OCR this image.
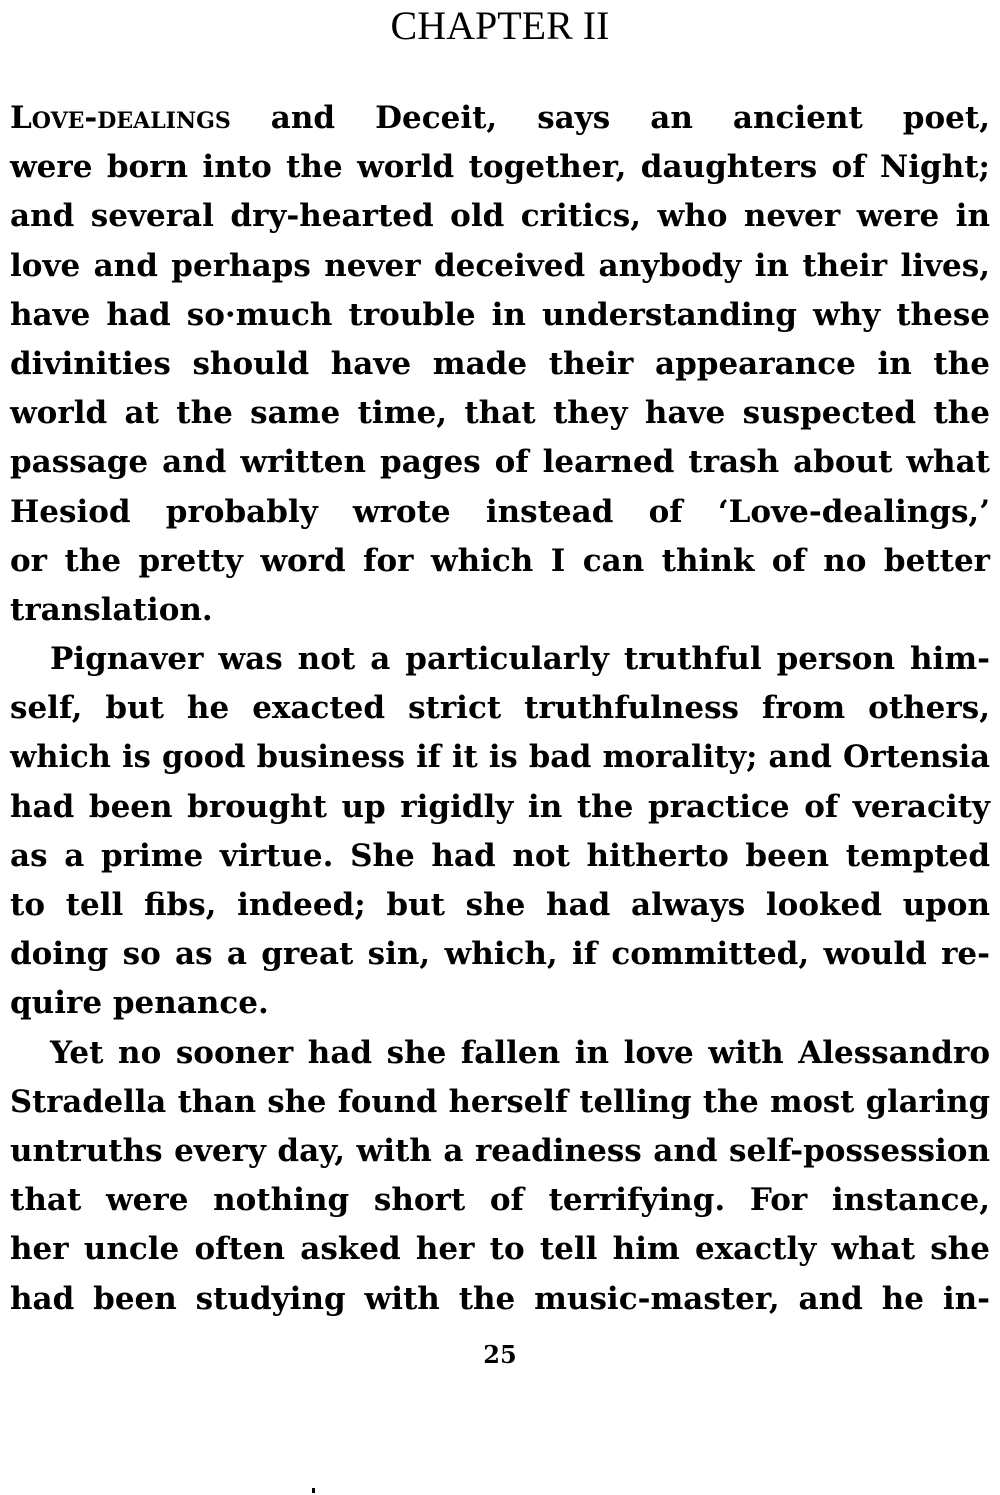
CHAPTER II
Love-dealings and Deceit, says an ancient poet,
were born into the world together, daughters of Night;
and several dry-hearted old critics, who never were in
love and perhaps never deceived anybody in their lives,
have had so·much trouble in understanding why these
divinities should have made their appearance in the
world at the same time, that they have suspected the
passage and written pages of learned trash about what
Hesiod probably wrote instead of ‘Love-dealings,’
or the pretty word for which I can think of no better
translation.
Pignaver was not a particularly truthful person him-
self, but he exacted strict truthfulness from others,
which is good business if it is bad morality; and Ortensia
had been brought up rigidly in the practice of veracity
as a prime virtue. She had not hitherto been tempted
to tell fibs, indeed; but she had always looked upon
doing so as a great sin, which, if committed, would re-
quire penance.
Yet no sooner had she fallen in love with Alessandro
Stradella than she found herself telling the most glaring
untruths every day, with a readiness and self-possession
that were nothing short of terrifying. For instance,
her uncle often asked her to tell him exactly what she
had been studying with the music-master, and he in-
25
